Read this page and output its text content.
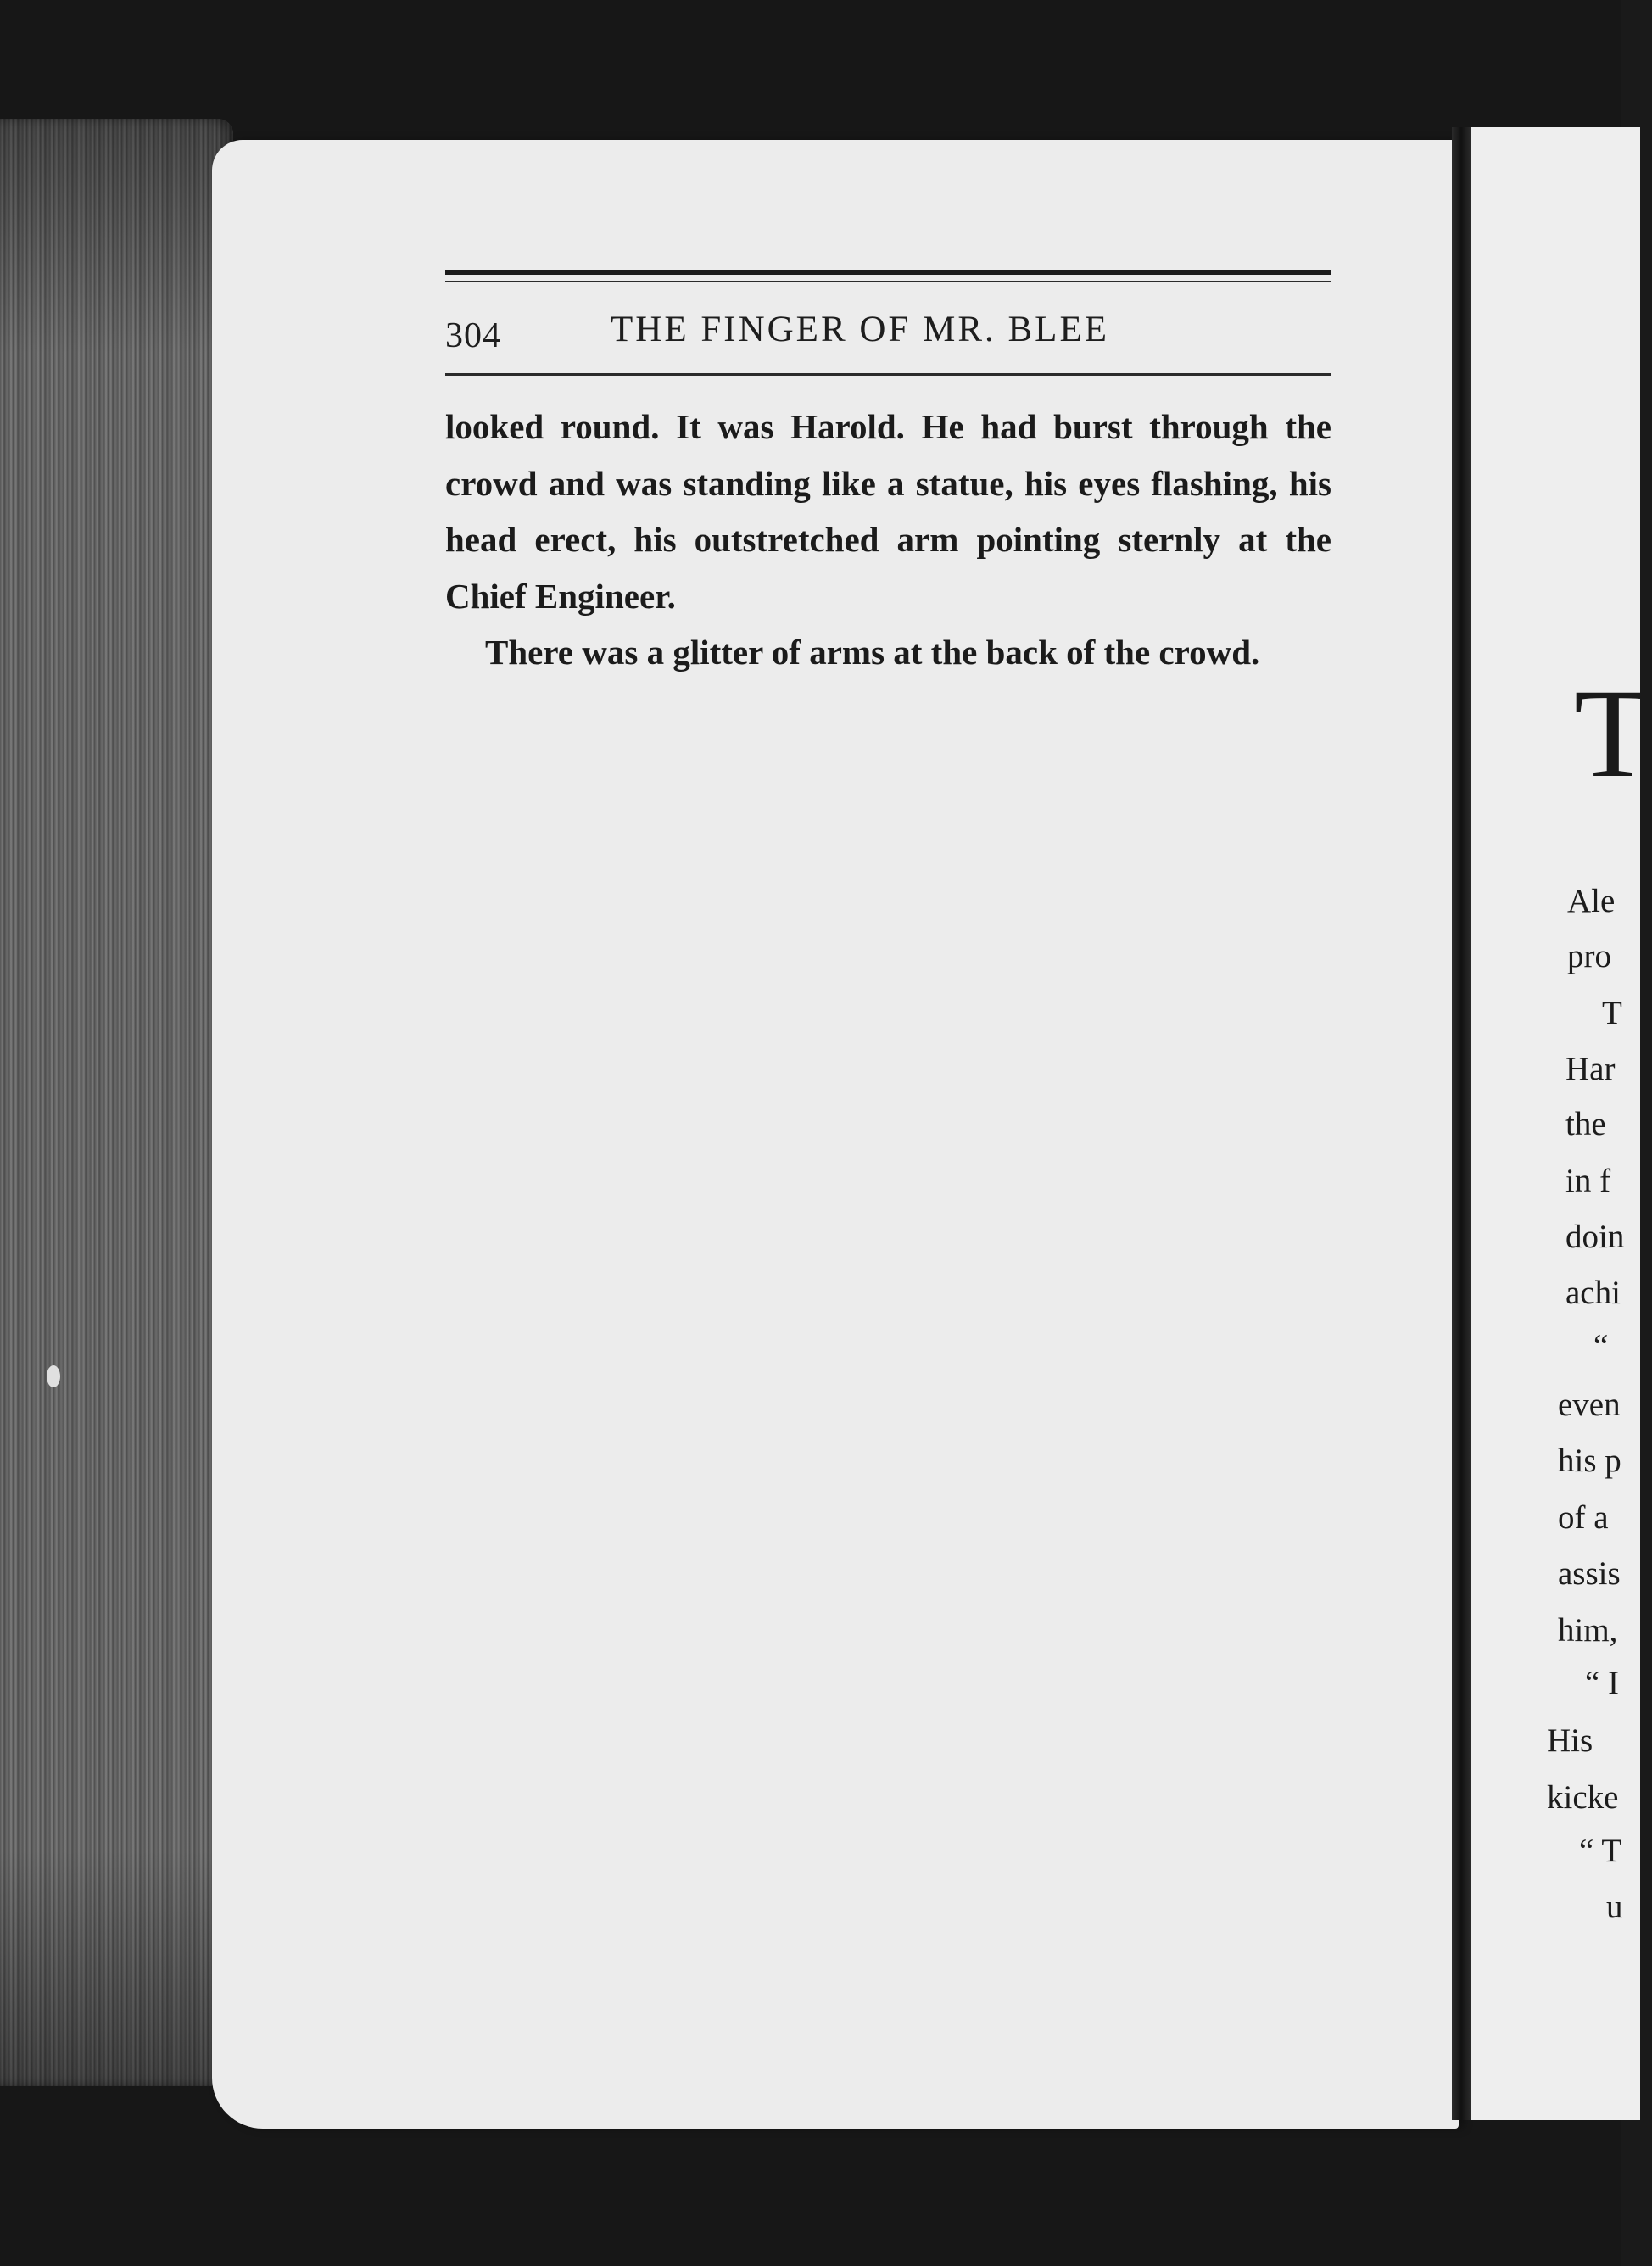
304	THE FINGER OF MR. BLEE

looked round. It was Harold. He had burst through the crowd and was standing like a statue, his eyes flashing, his head erect, his outstretched arm pointing sternly at the Chief Engineer.

There was a glitter of arms at the back of the crowd.

T
Ale
pro
T
Har
the
in f
doin
achi
“
even
his p
of a
assis
him,
“ I
His
kicke
“ T
u
